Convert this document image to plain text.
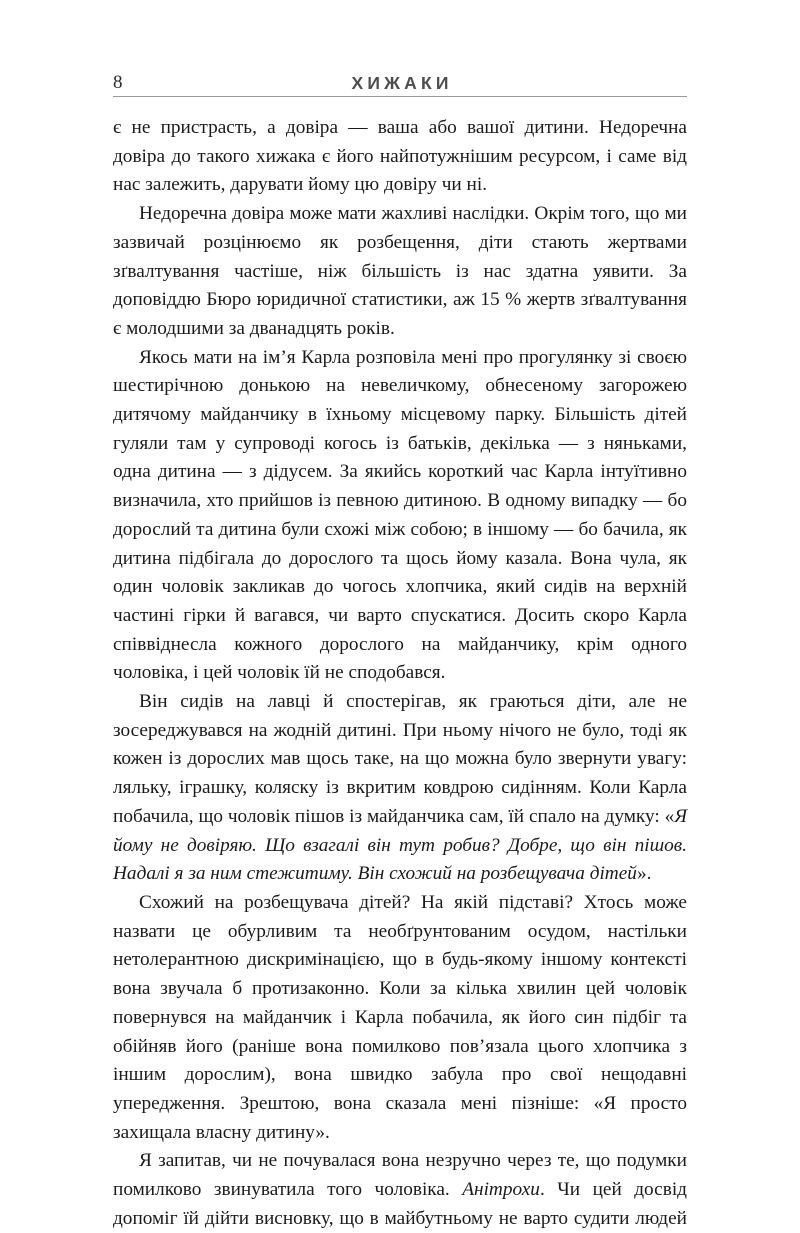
8	ХИЖАКИ

є не пристрасть, а довіра — ваша або вашої дитини. Недоречна довіра до такого хижака є його найпотужнішим ресурсом, і саме від нас залежить, дарувати йому цю довіру чи ні.

Недоречна довіра може мати жахливі наслідки. Окрім того, що ми зазвичай розцінюємо як розбещення, діти стають жертвами зґвалтування частіше, ніж більшість із нас здатна уявити. За доповіддю Бюро юридичної статистики, аж 15 % жертв зґвалтування є молодшими за дванадцять років.

Якось мати на ім’я Карла розповіла мені про прогулянку зі своєю шестирічною донькою на невеличкому, обнесеному загорожею дитячому майданчику в їхньому місцевому парку. Більшість дітей гуляли там у супроводі когось із батьків, декілька — з няньками, одна дитина — з дідусем. За якийсь короткий час Карла інтуїтивно визначила, хто прийшов із певною дитиною. В одному випадку — бо дорослий та дитина були схожі між собою; в іншому — бо бачила, як дитина підбігала до дорослого та щось йому казала. Вона чула, як один чоловік закликав до чогось хлопчика, який сидів на верхній частині гірки й вагався, чи варто спускатися. Досить скоро Карла співвіднесла кожного дорослого на майданчику, крім одного чоловіка, і цей чоловік їй не сподобався.

Він сидів на лавці й спостерігав, як граються діти, але не зосереджувався на жодній дитині. При ньому нічого не було, тоді як кожен із дорослих мав щось таке, на що можна було звернути увагу: ляльку, іграшку, коляску із вкритим ковдрою сидінням. Коли Карла побачила, що чоловік пішов із майданчика сам, їй спало на думку: «Я йому не довіряю. Що взагалі він тут робив? Добре, що він пішов. Надалі я за ним стежитиму. Він схожий на розбещувача дітей».

Схожий на розбещувача дітей? На якій підставі? Хтось може назвати це обурливим та необґрунтованим осудом, настільки нетолерантною дискримінацією, що в будь-якому іншому контексті вона звучала б протизаконно. Коли за кілька хвилин цей чоловік повернувся на майданчик і Карла побачила, як його син підбіг та обійняв його (раніше вона помилково пов’язала цього хлопчика з іншим дорослим), вона швидко забула про свої нещодавні упередження. Зрештою, вона сказала мені пізніше: «Я просто захищала власну дитину».

Я запитав, чи не почувалася вона незручно через те, що подумки помилково звинуватила того чоловіка. Анітрохи. Чи цей досвід допоміг їй дійти висновку, що в майбутньому не варто судити людей
